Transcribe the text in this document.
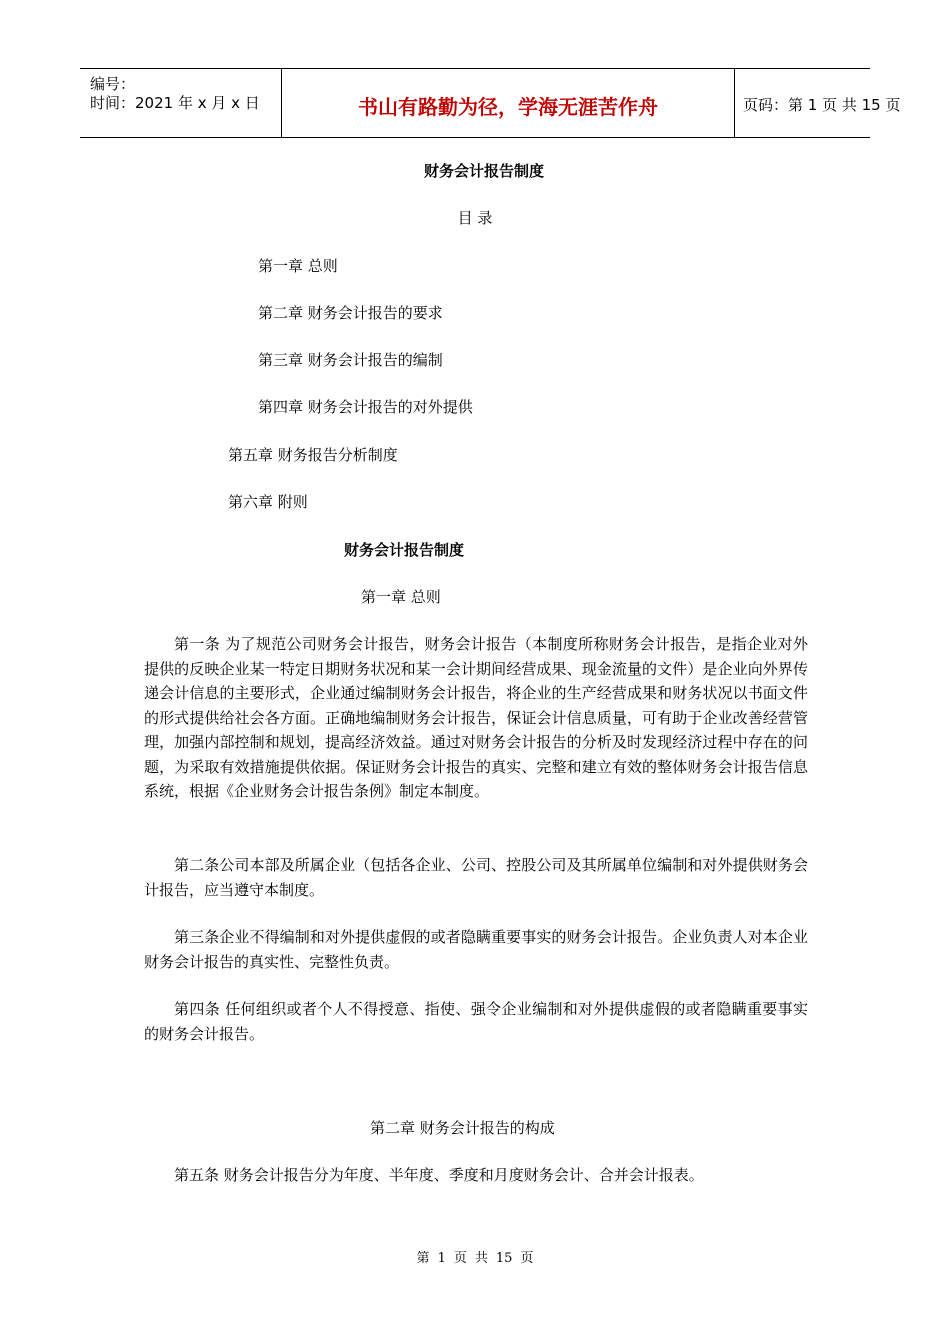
编号：
时间：2021 年 x 月 x 日	书山有路勤为径，学海无涯苦作舟	页码：第 1 页 共 15 页
财务会计报告制度
目 录
第一章 总则
第二章 财务会计报告的要求
第三章 财务会计报告的编制
第四章 财务会计报告的对外提供
第五章 财务报告分析制度
第六章 附则
财务会计报告制度
第一章 总则
第一条 为了规范公司财务会计报告，财务会计报告（本制度所称财务会计报告，是指企业对外提供的反映企业某一特定日期财务状况和某一会计期间经营成果、现金流量的文件）是企业向外界传递会计信息的主要形式，企业通过编制财务会计报告，将企业的生产经营成果和财务状况以书面文件的形式提供给社会各方面。正确地编制财务会计报告，保证会计信息质量，可有助于企业改善经营管理，加强内部控制和规划，提高经济效益。通过对财务会计报告的分析及时发现经济过程中存在的问题，为采取有效措施提供依据。保证财务会计报告的真实、完整和建立有效的整体财务会计报告信息系统，根据《企业财务会计报告条例》制定本制度。
第二条公司本部及所属企业（包括各企业、公司、控股公司及其所属单位编制和对外提供财务会计报告，应当遵守本制度。
第三条企业不得编制和对外提供虚假的或者隐瞒重要事实的财务会计报告。企业负责人对本企业财务会计报告的真实性、完整性负责。
第四条 任何组织或者个人不得授意、指使、强令企业编制和对外提供虚假的或者隐瞒重要事实的财务会计报告。
第二章 财务会计报告的构成
第五条 财务会计报告分为年度、半年度、季度和月度财务会计、合并会计报表。
第 1 页 共 15 页
